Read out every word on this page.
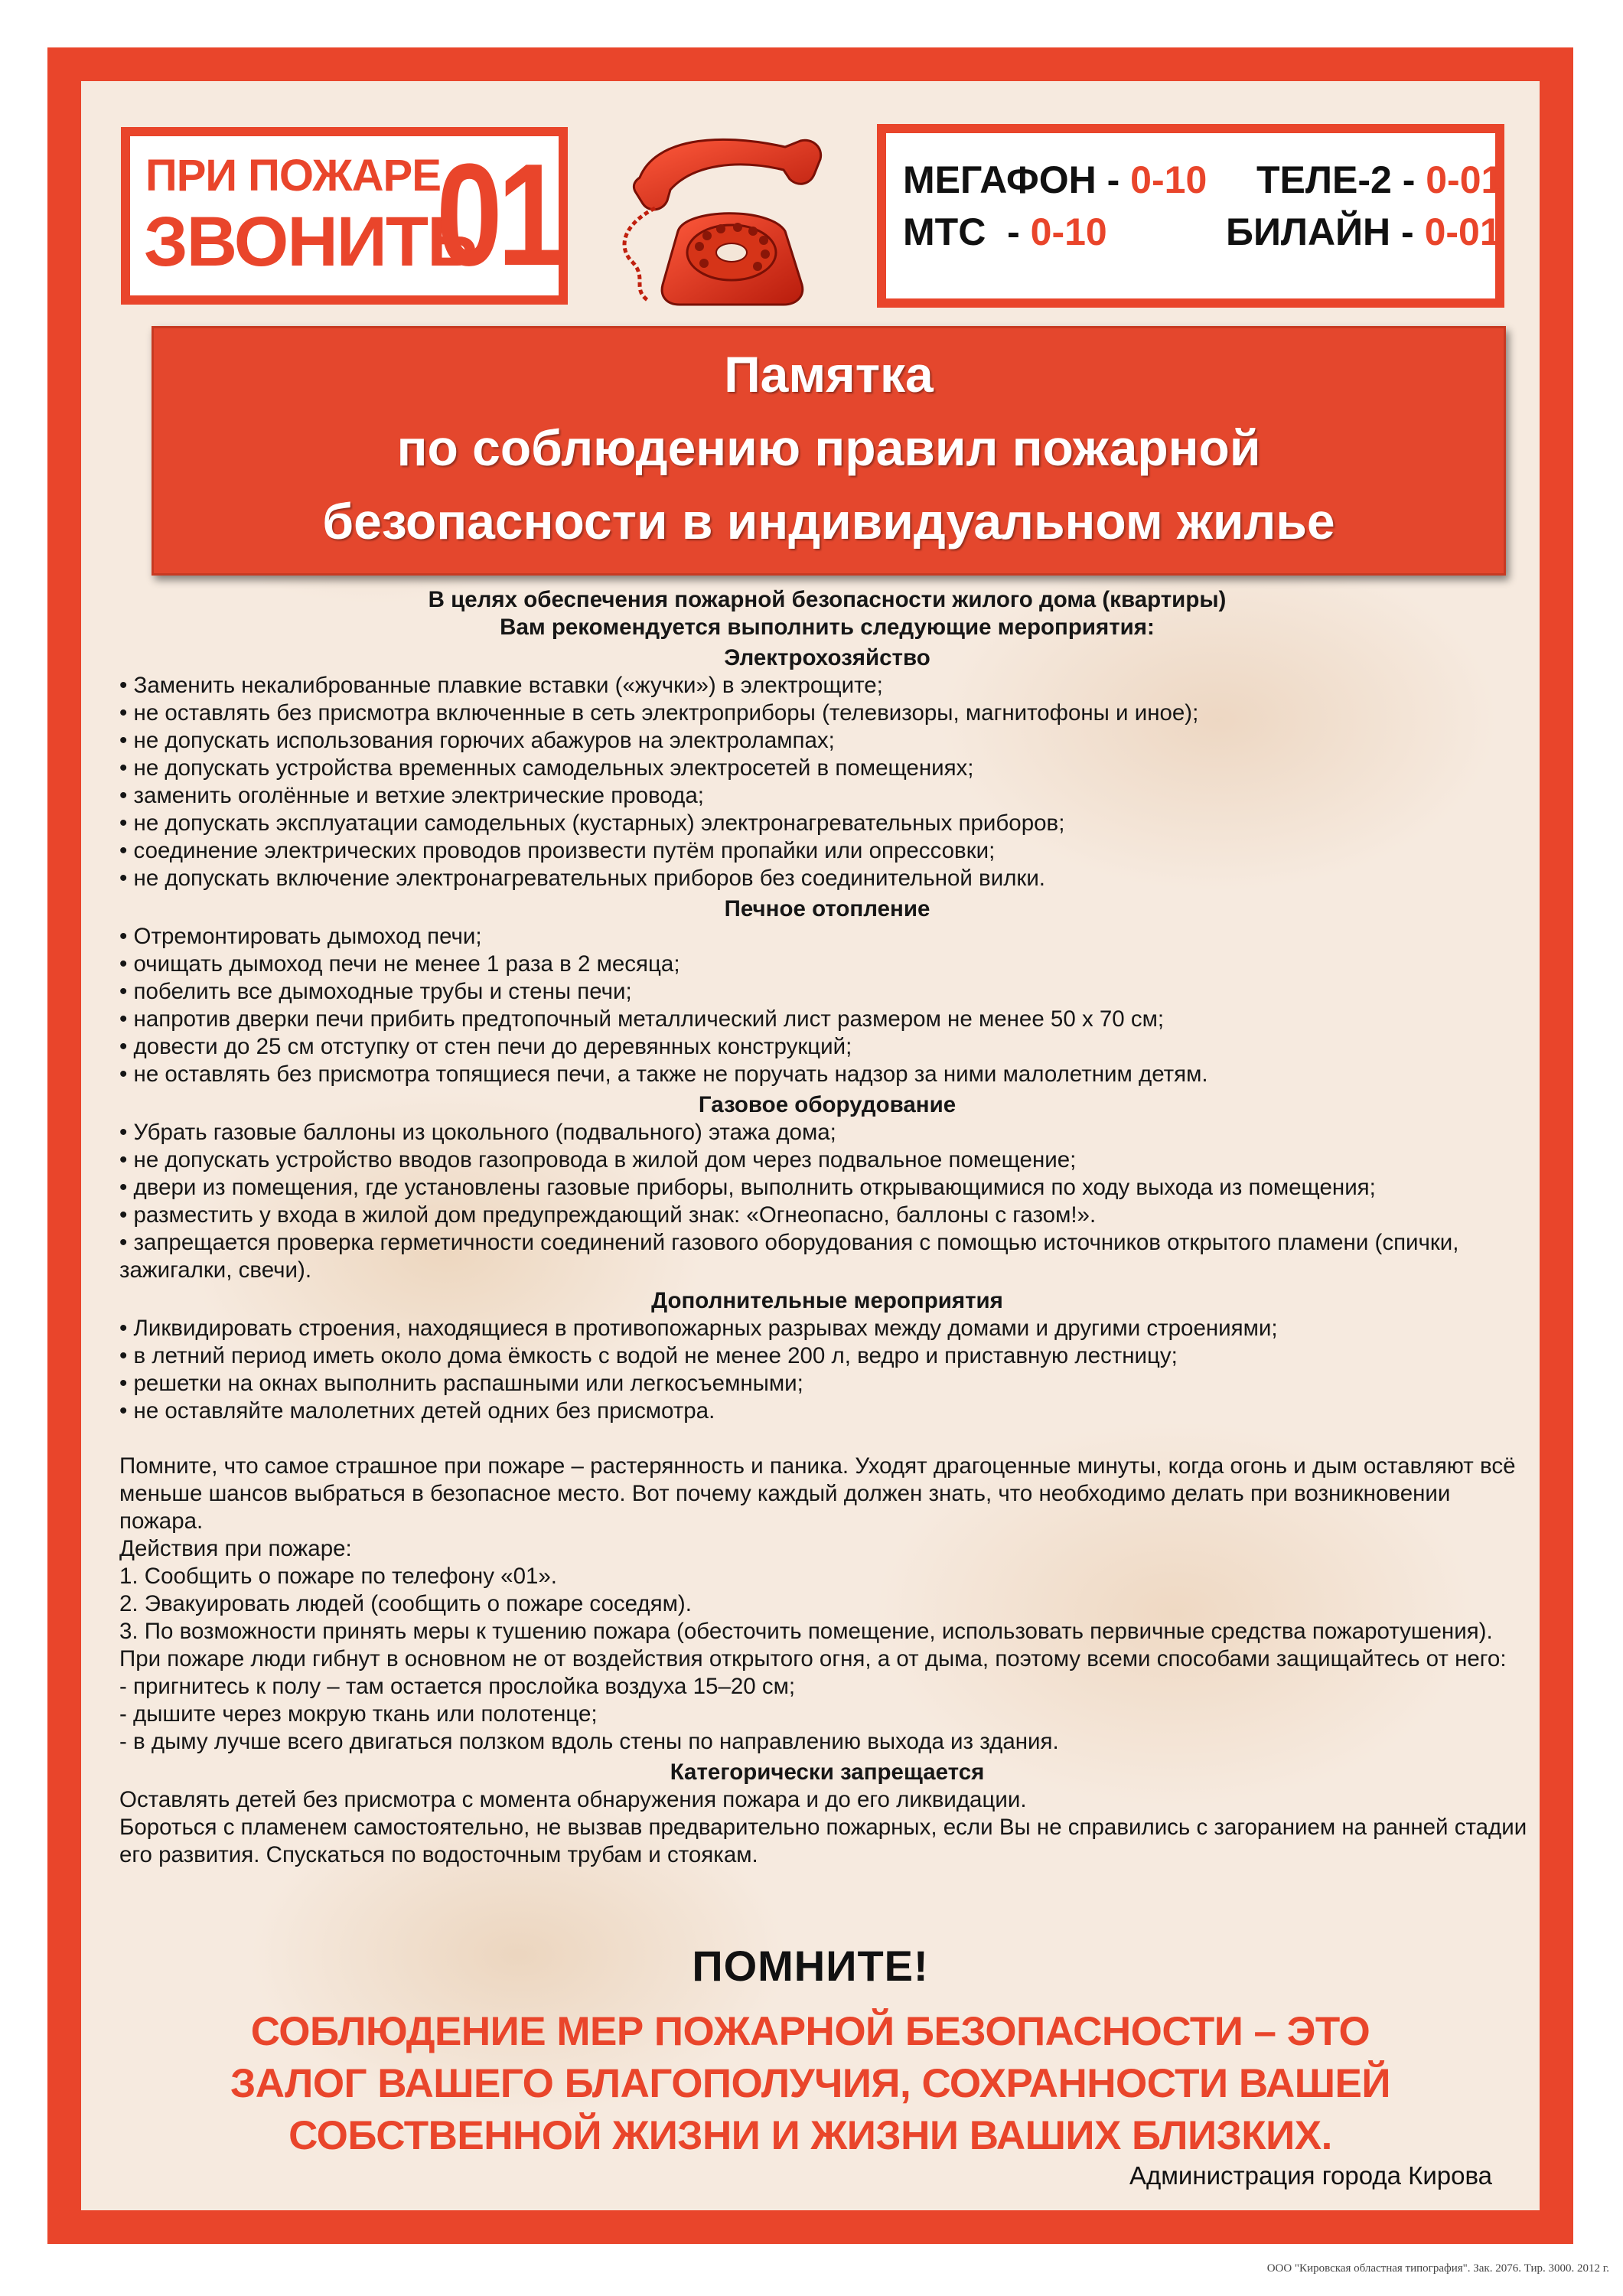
ПРИ ПОЖАРЕ
ЗВОНИТЬ
01	МЕГАФОН - 0-10 ТЕЛЕ-2 - 0-01
МТС  - 0-10	БИЛАЙН - 0-01
Памятка
по соблюдению правил пожарной
безопасности в индивидуальном жилье
В целях обеспечения пожарной безопасности жилого дома (квартиры)
Вам рекомендуется выполнить следующие мероприятия:
Электрохозяйство
• Заменить некалиброванные плавкие вставки («жучки») в электрощите;
• не оставлять без присмотра включенные в сеть электроприборы (телевизоры, магнитофоны и иное);
• не допускать использования горючих абажуров на электролампах;
• не допускать устройства временных самодельных электросетей в помещениях;
• заменить оголённые и ветхие электрические провода;
• не допускать эксплуатации самодельных (кустарных) электронагревательных приборов;
• соединение электрических проводов произвести путём пропайки или опрессовки;
• не допускать включение электронагревательных приборов без соединительной вилки.
Печное отопление
• Отремонтировать дымоход печи;
• очищать дымоход печи не менее 1 раза в 2 месяца;
• побелить все дымоходные трубы и стены печи;
• напротив дверки печи прибить предтопочный металлический лист размером не менее 50 х 70 см;
• довести до 25 см отступку от стен печи до деревянных конструкций;
• не оставлять без присмотра топящиеся печи, а также не поручать надзор за ними малолетним детям.
Газовое оборудование
• Убрать газовые баллоны из цокольного (подвального) этажа дома;
• не допускать устройство вводов газопровода в жилой дом через подвальное помещение;
• двери из помещения, где установлены газовые приборы, выполнить открывающимися по ходу выхода из помещения;
• разместить у входа в жилой дом предупреждающий знак: «Огнеопасно, баллоны с газом!».
• запрещается проверка герметичности соединений газового оборудования с помощью источников открытого пламени (спички, зажигалки, свечи).
Дополнительные мероприятия
• Ликвидировать строения, находящиеся в противопожарных разрывах между домами и другими строениями;
• в летний период иметь около дома ёмкость с водой не менее 200 л, ведро и приставную лестницу;
• решетки на окнах выполнить распашными или легкосъемными;
• не оставляйте малолетних детей одних без присмотра.
Помните, что самое страшное при пожаре – растерянность и паника. Уходят драгоценные минуты, когда огонь и дым оставляют всё меньше шансов выбраться в безопасное место. Вот почему каждый должен знать, что необходимо делать при возникновении пожара.
Действия при пожаре:
1. Сообщить о пожаре по телефону «01».
2. Эвакуировать людей (сообщить о пожаре соседям).
3. По возможности принять меры к тушению пожара (обесточить помещение, использовать первичные средства пожаротушения). При пожаре люди гибнут в основном не от воздействия открытого огня, а от дыма, поэтому всеми способами защищайтесь от него:
- пригнитесь к полу – там остается прослойка воздуха 15–20 см;
- дышите через мокрую ткань или полотенце;
- в дыму лучше всего двигаться ползком вдоль стены по направлению выхода из здания.
Категорически запрещается
Оставлять детей без присмотра с момента обнаружения пожара и до его ликвидации.
Бороться с пламенем самостоятельно, не вызвав предварительно пожарных, если Вы не справились с загоранием на ранней стадии его развития. Спускаться по водосточным трубам и стоякам.
ПОМНИТЕ!
СОБЛЮДЕНИЕ МЕР ПОЖАРНОЙ БЕЗОПАСНОСТИ – ЭТО
ЗАЛОГ ВАШЕГО БЛАГОПОЛУЧИЯ, СОХРАННОСТИ ВАШЕЙ
СОБСТВЕННОЙ ЖИЗНИ И ЖИЗНИ ВАШИХ БЛИЗКИХ.
Администрация города Кирова
ООО "Кировская областная типография". Зак. 2076. Тир. 3000. 2012 г.
